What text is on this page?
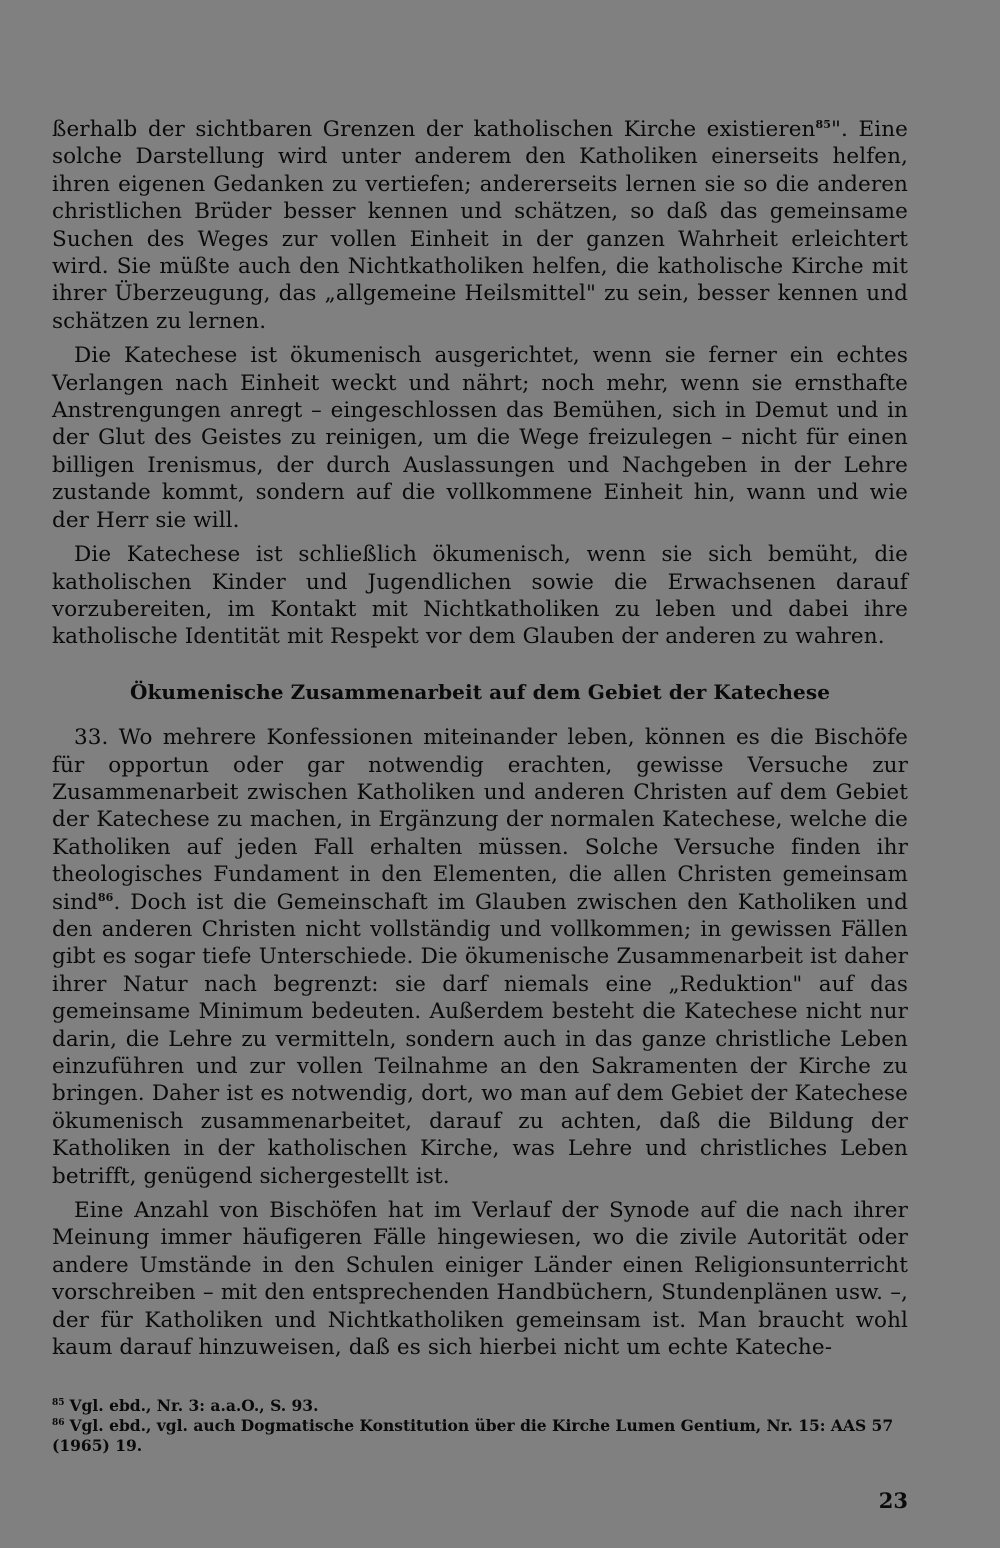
ßerhalb der sichtbaren Grenzen der katholischen Kirche existieren$^{85}$". Eine solche Darstellung wird unter anderem den Katholiken einerseits helfen, ihren eigenen Gedanken zu vertiefen; andererseits lernen sie so die anderen christlichen Brüder besser kennen und schätzen, so daß das gemeinsame Suchen des Weges zur vollen Einheit in der ganzen Wahrheit erleichtert wird. Sie müßte auch den Nichtkatholiken helfen, die katholische Kirche mit ihrer Überzeugung, das „allgemeine Heilsmittel" zu sein, besser kennen und schätzen zu lernen.

Die Katechese ist ökumenisch ausgerichtet, wenn sie ferner ein echtes Verlangen nach Einheit weckt und nährt; noch mehr, wenn sie ernsthafte Anstrengungen anregt – eingeschlossen das Bemühen, sich in Demut und in der Glut des Geistes zu reinigen, um die Wege freizulegen – nicht für einen billigen Irenismus, der durch Auslassungen und Nachgeben in der Lehre zustande kommt, sondern auf die vollkommene Einheit hin, wann und wie der Herr sie will.

Die Katechese ist schließlich ökumenisch, wenn sie sich bemüht, die katholischen Kinder und Jugendlichen sowie die Erwachsenen darauf vorzubereiten, im Kontakt mit Nichtkatholiken zu leben und dabei ihre katholische Identität mit Respekt vor dem Glauben der anderen zu wahren.

Ökumenische Zusammenarbeit auf dem Gebiet der Katechese

33. Wo mehrere Konfessionen miteinander leben, können es die Bischöfe für opportun oder gar notwendig erachten, gewisse Versuche zur Zusammenarbeit zwischen Katholiken und anderen Christen auf dem Gebiet der Katechese zu machen, in Ergänzung der normalen Katechese, welche die Katholiken auf jeden Fall erhalten müssen. Solche Versuche finden ihr theologisches Fundament in den Elementen, die allen Christen gemeinsam sind$^{86}$. Doch ist die Gemeinschaft im Glauben zwischen den Katholiken und den anderen Christen nicht vollständig und vollkommen; in gewissen Fällen gibt es sogar tiefe Unterschiede. Die ökumenische Zusammenarbeit ist daher ihrer Natur nach begrenzt: sie darf niemals eine „Reduktion" auf das gemeinsame Minimum bedeuten. Außerdem besteht die Katechese nicht nur darin, die Lehre zu vermitteln, sondern auch in das ganze christliche Leben einzuführen und zur vollen Teilnahme an den Sakramenten der Kirche zu bringen. Daher ist es notwendig, dort, wo man auf dem Gebiet der Katechese ökumenisch zusammenarbeitet, darauf zu achten, daß die Bildung der Katholiken in der katholischen Kirche, was Lehre und christliches Leben betrifft, genügend sichergestellt ist.

Eine Anzahl von Bischöfen hat im Verlauf der Synode auf die nach ihrer Meinung immer häufigeren Fälle hingewiesen, wo die zivile Autorität oder andere Umstände in den Schulen einiger Länder einen Religionsunterricht vorschreiben – mit den entsprechenden Handbüchern, Stundenplänen usw. –, der für Katholiken und Nichtkatholiken gemeinsam ist. Man braucht wohl kaum darauf hinzuweisen, daß es sich hierbei nicht um echte Kateche-

$^{85}$ Vgl. ebd., Nr. 3: a.a.O., S. 93.
$^{86}$ Vgl. ebd., vgl. auch Dogmatische Konstitution über die Kirche Lumen Gentium, Nr. 15: AAS 57 (1965) 19.
23
